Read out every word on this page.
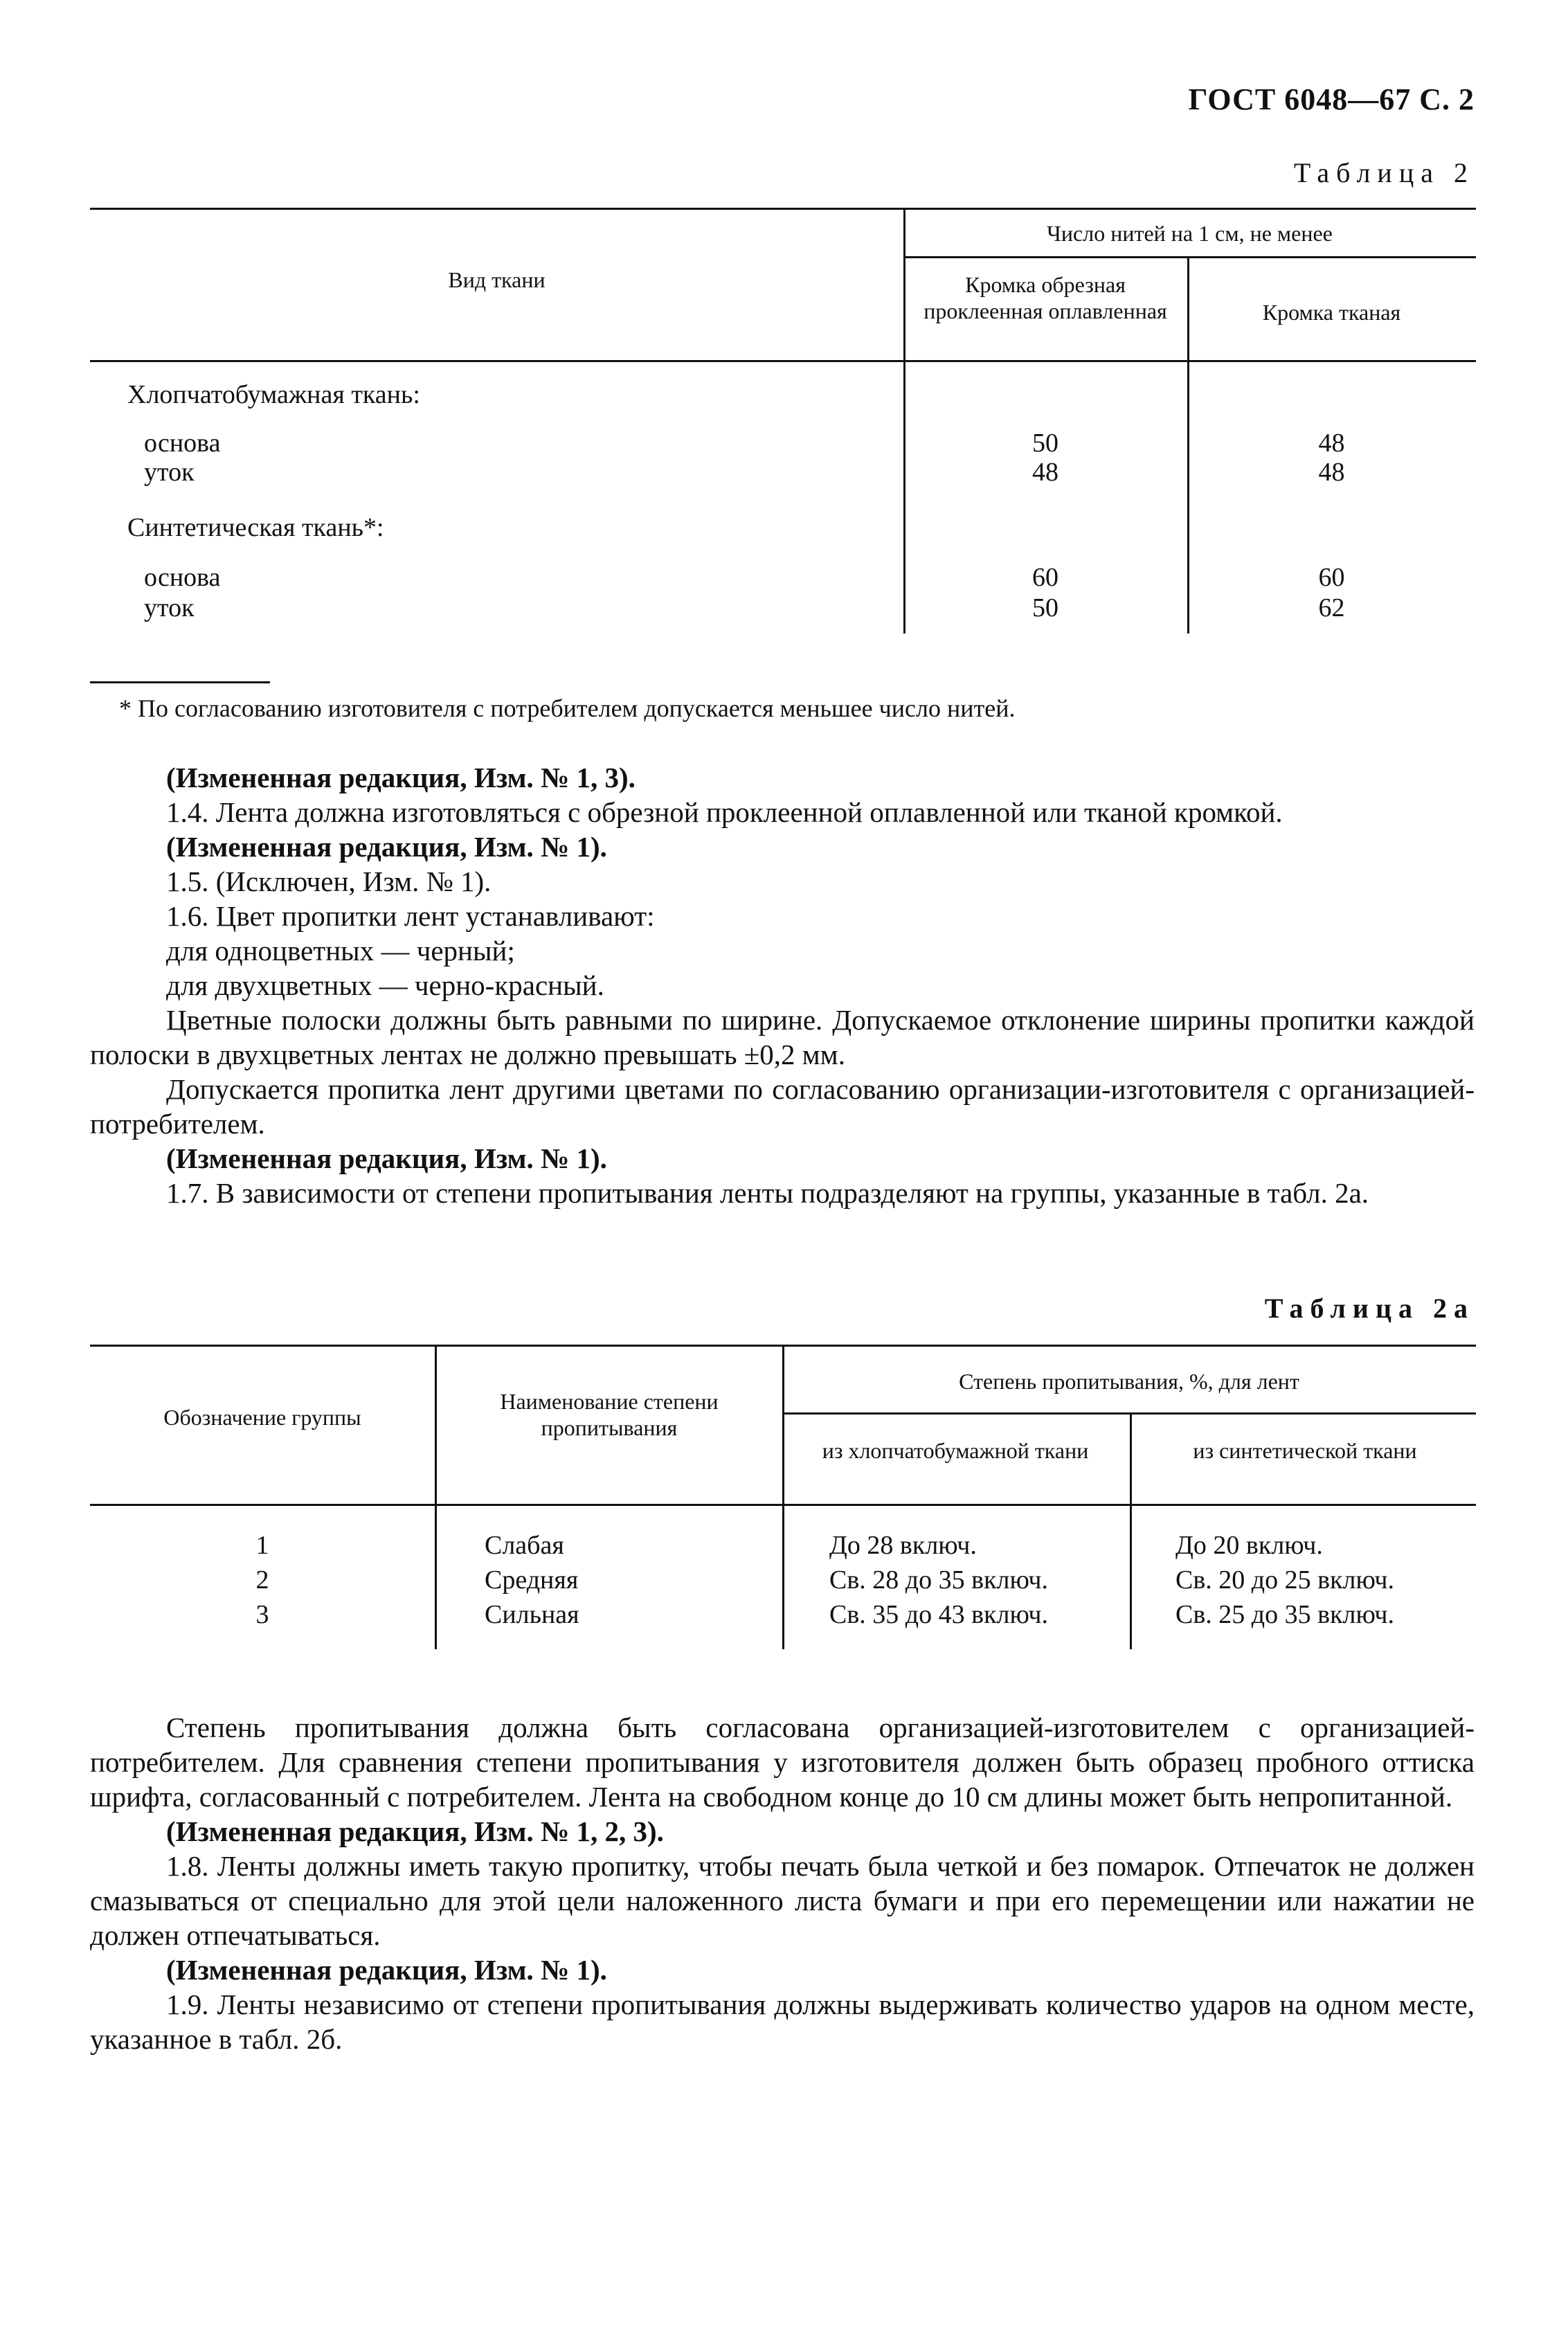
ГОСТ 6048—67 С. 2
Таблица 2
Вид ткани
Число нитей на 1 см, не менее
Кромка обрезная проклеенная оплавленная	Кромка тканая
Хлопчатобумажная ткань:
основа	50	48
уток	48	48
Синтетическая ткань*:
основа	60	60
уток	50	62
* По согласованию изготовителя с потребителем допускается меньшее число нитей.

(Измененная редакция, Изм. № 1, 3).

1.4. Лента должна изготовляться с обрезной проклеенной оплавленной или тканой кромкой.

(Измененная редакция, Изм. № 1).

1.5. (Исключен, Изм. № 1).

1.6. Цвет пропитки лент устанавливают:

для одноцветных — черный;

для двухцветных — черно-красный.

Цветные полоски должны быть равными по ширине. Допускаемое отклонение ширины пропитки каждой полоски в двухцветных лентах не должно превышать ±0,2 мм.

Допускается пропитка лент другими цветами по согласованию организации-изготовителя с организацией-потребителем.

(Измененная редакция, Изм. № 1).

1.7. В зависимости от степени пропитывания ленты подразделяют на группы, указанные в табл. 2а.

Таблица 2а
Обозначение группы
Наименование степени пропитывания
Степень пропитывания, %, для лент
из хлопчатобумажной ткани	из синтетической ткани
1	Слабая	До 28 включ.	До 20 включ.
2	Средняя	Св. 28 до 35 включ.	Св. 20 до 25 включ.
3	Сильная	Св. 35 до 43 включ.	Св. 25 до 35 включ.

Степень пропитывания должна быть согласована организацией-изготовителем с организацией-потребителем. Для сравнения степени пропитывания у изготовителя должен быть образец пробного оттиска шрифта, согласованный с потребителем. Лента на свободном конце до 10 см длины может быть непропитанной.

(Измененная редакция, Изм. № 1, 2, 3).

1.8. Ленты должны иметь такую пропитку, чтобы печать была четкой и без помарок. Отпечаток не должен смазываться от специально для этой цели наложенного листа бумаги и при его перемещении или нажатии не должен отпечатываться.

(Измененная редакция, Изм. № 1).

1.9. Ленты независимо от степени пропитывания должны выдерживать количество ударов на одном месте, указанное в табл. 2б.
